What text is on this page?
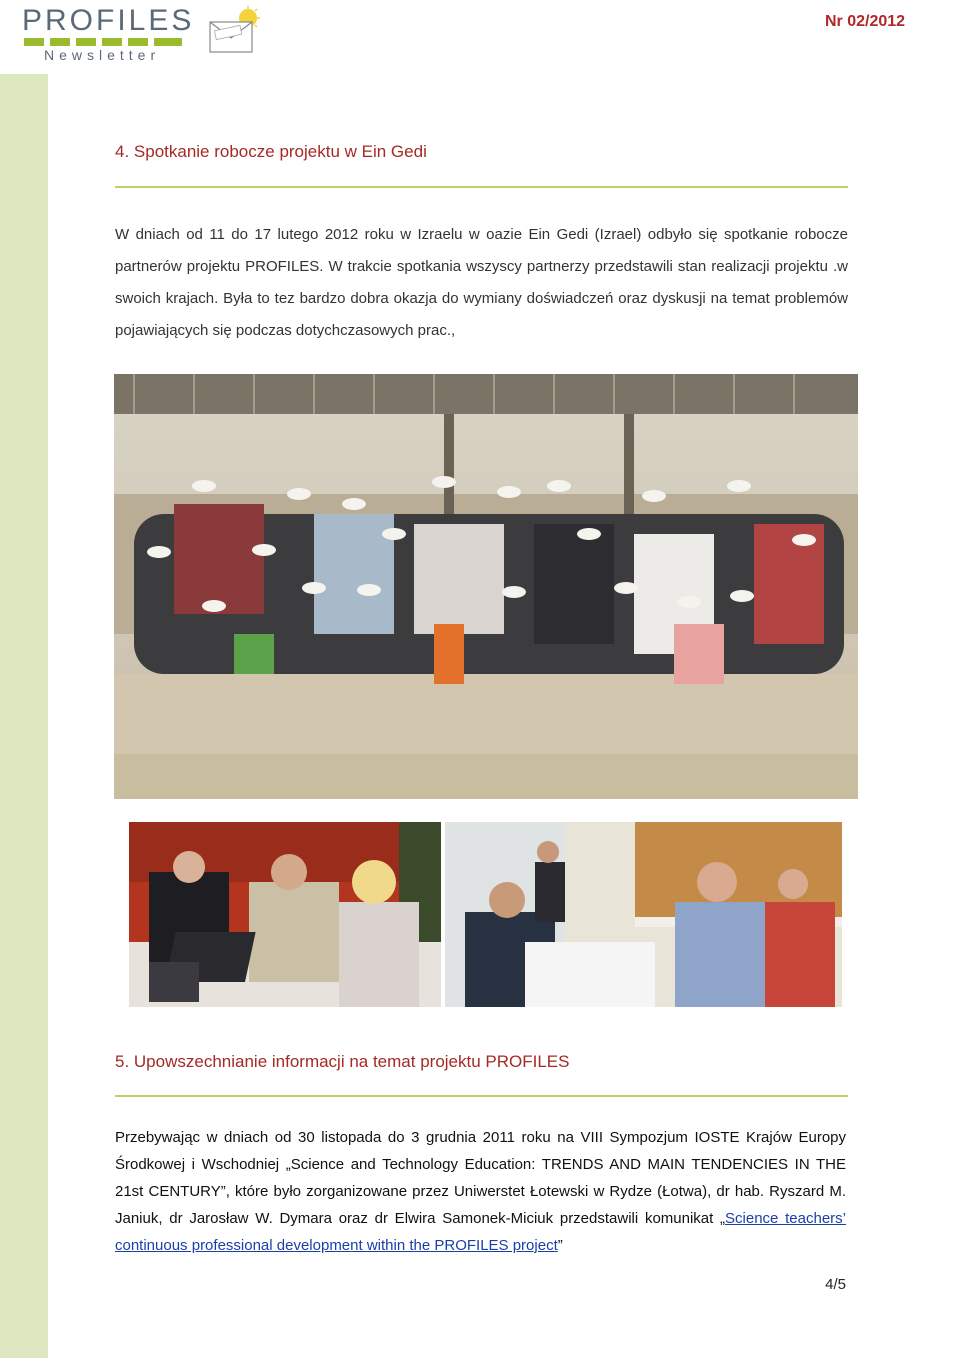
PROFILES
Newsletter
Nr 02/2012
4. Spotkanie robocze projektu w Ein Gedi
W dniach od 11 do 17 lutego 2012 roku w Izraelu w oazie Ein Gedi (Izrael) odbyło się spotkanie robocze partnerów projektu PROFILES. W trakcie spotkania wszyscy partnerzy przedstawili stan realizacji projektu .w swoich krajach. Była to tez bardzo dobra okazja do wymiany doświadczeń oraz dyskusji na temat problemów pojawiających się podczas dotychczasowych prac.,
5. Upowszechnianie informacji na temat projektu PROFILES
Przebywając w dniach od 30 listopada do 3 grudnia 2011 roku na VIII Sympozjum IOSTE Krajów Europy Środkowej i Wschodniej „Science and Technology Education: TRENDS AND MAIN TENDENCIES IN THE 21st CENTURY”, które było zorganizowane przez Uniwerstet Łotewski w Rydze (Łotwa), dr hab. Ryszard M. Janiuk, dr Jarosław W. Dymara oraz dr Elwira Samonek-Miciuk przedstawili komunikat „Science teachers’ continuous professional development within the PROFILES project”
4/5
